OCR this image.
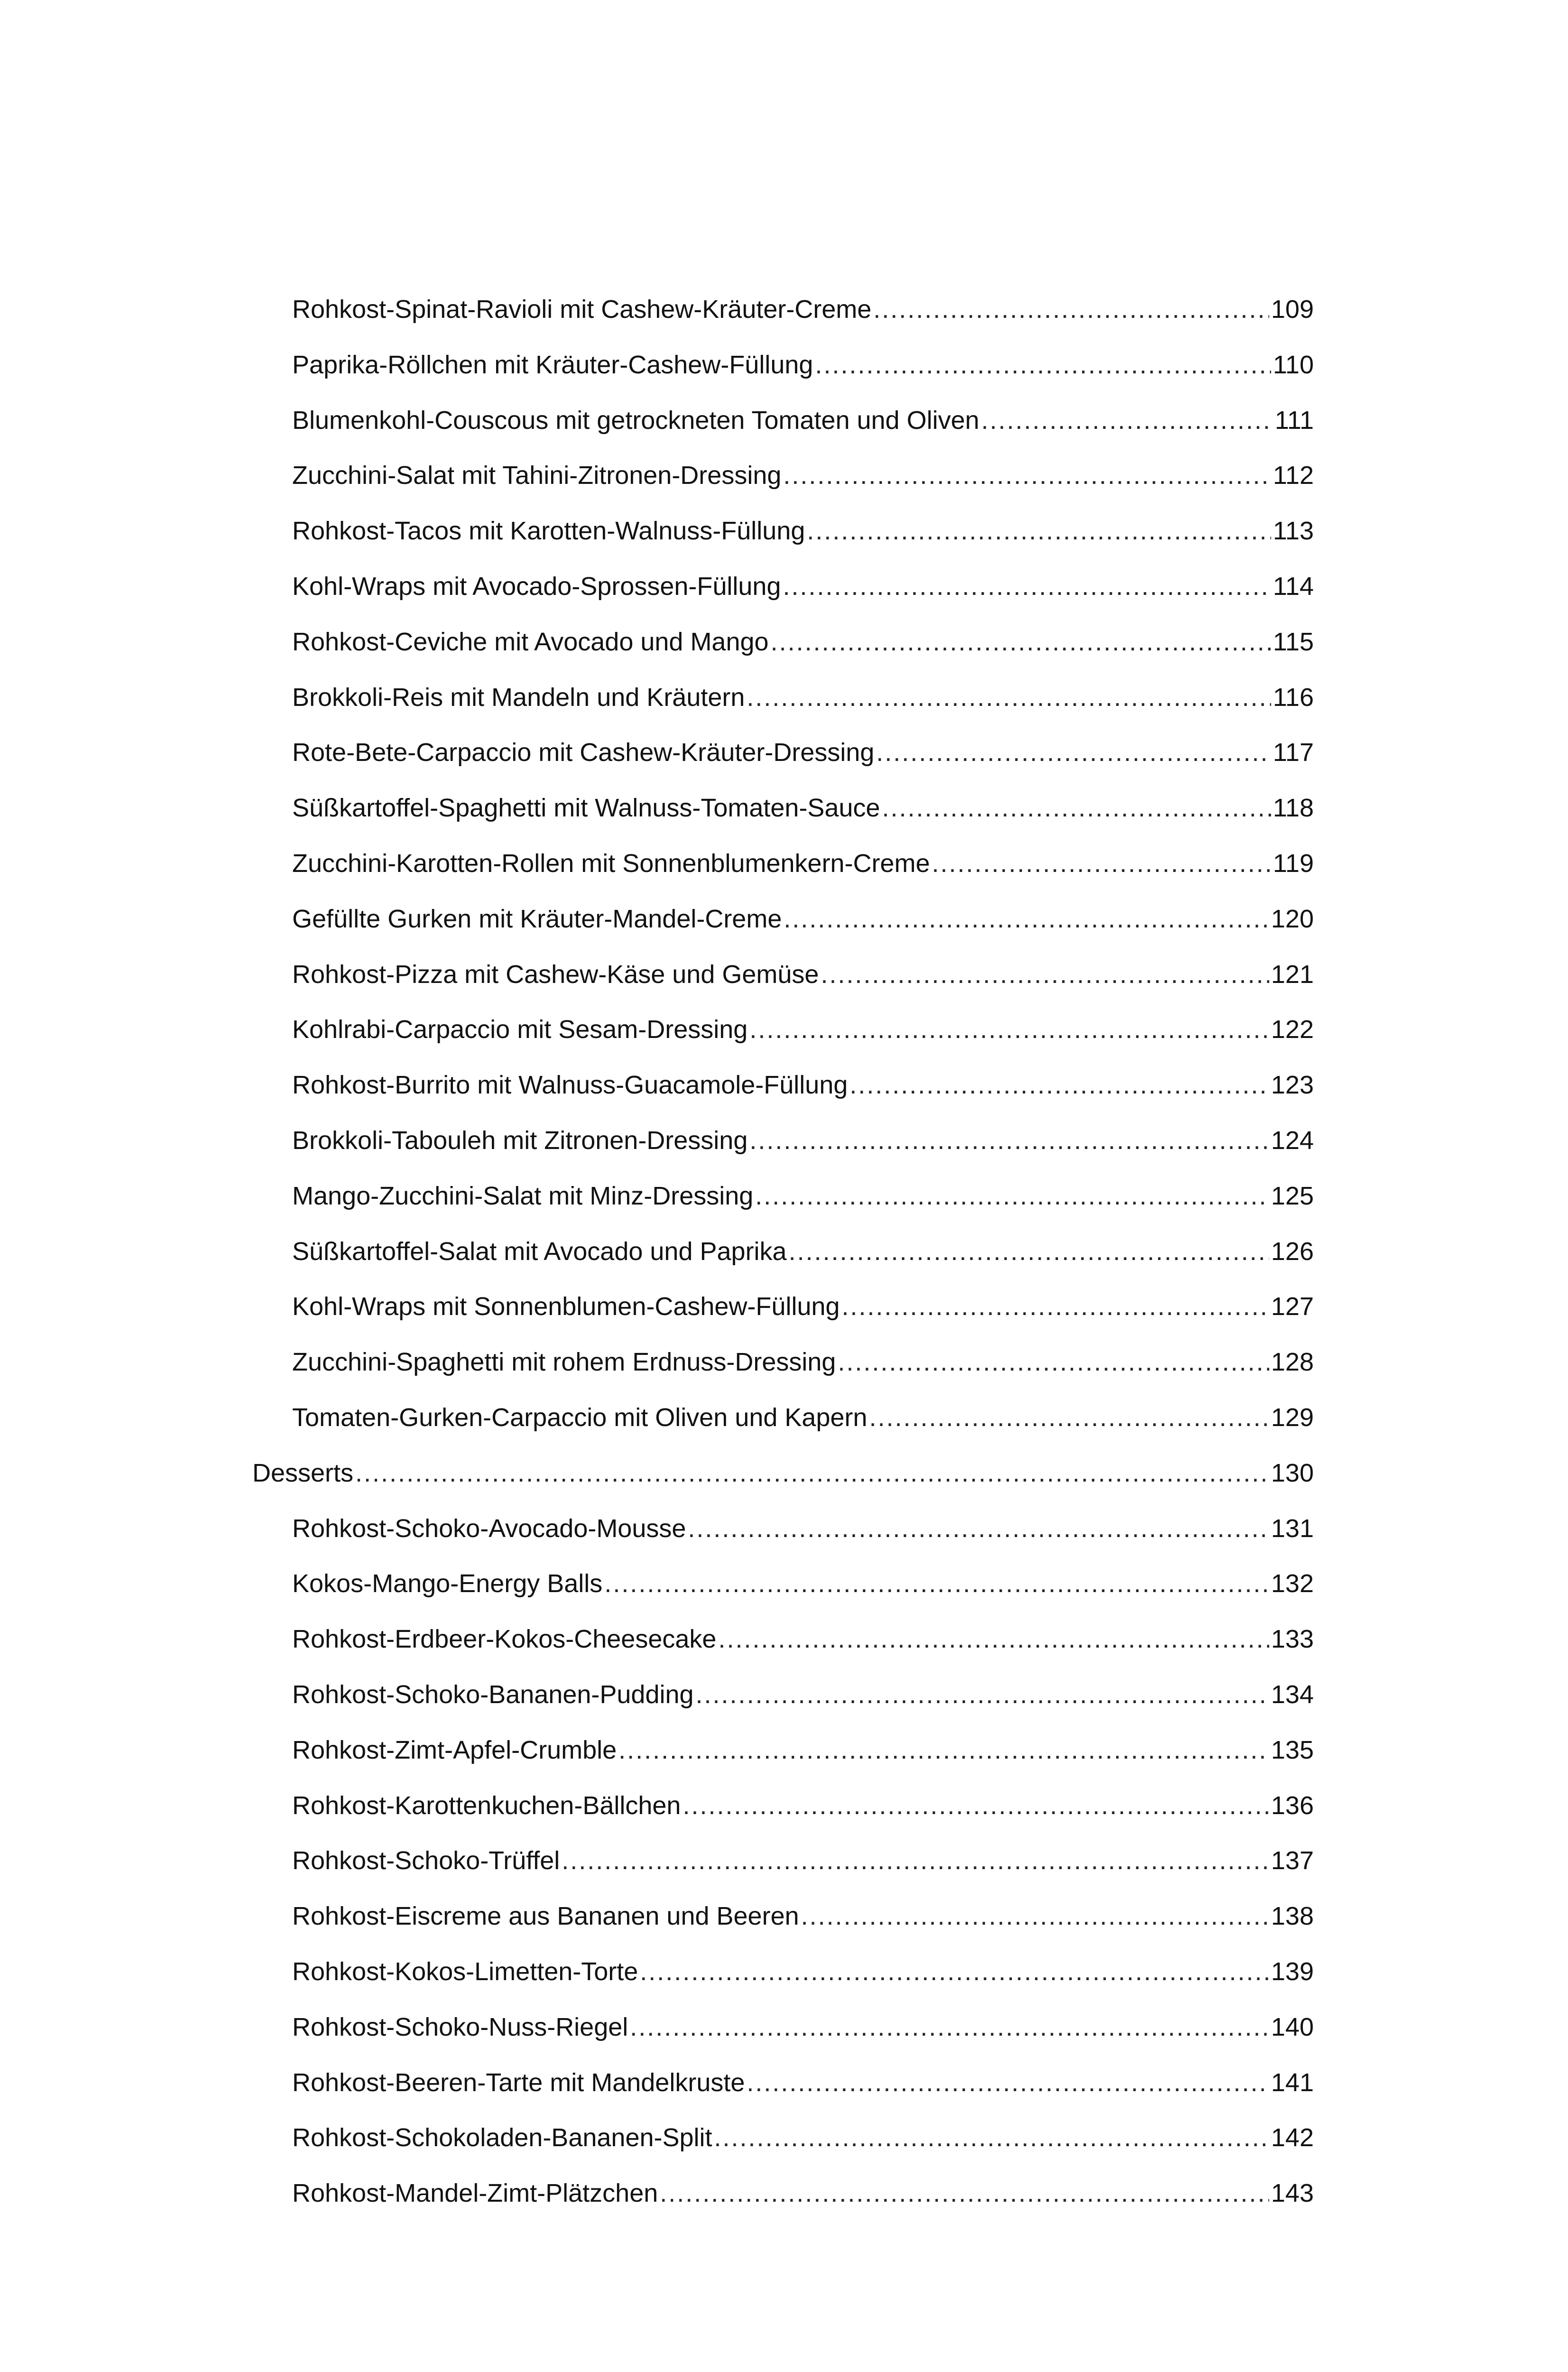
Rohkost-Spinat-Ravioli mit Cashew-Kräuter-Creme .....	109
Paprika-Röllchen mit Kräuter-Cashew-Füllung .....	110
Blumenkohl-Couscous mit getrockneten Tomaten und Oliven .....	111
Zucchini-Salat mit Tahini-Zitronen-Dressing .....	112
Rohkost-Tacos mit Karotten-Walnuss-Füllung .....	113
Kohl-Wraps mit Avocado-Sprossen-Füllung .....	114
Rohkost-Ceviche mit Avocado und Mango .....	115
Brokkoli-Reis mit Mandeln und Kräutern .....	116
Rote-Bete-Carpaccio mit Cashew-Kräuter-Dressing .....	117
Süßkartoffel-Spaghetti mit Walnuss-Tomaten-Sauce .....	118
Zucchini-Karotten-Rollen mit Sonnenblumenkern-Creme .....	119
Gefüllte Gurken mit Kräuter-Mandel-Creme .....	120
Rohkost-Pizza mit Cashew-Käse und Gemüse .....	121
Kohlrabi-Carpaccio mit Sesam-Dressing .....	122
Rohkost-Burrito mit Walnuss-Guacamole-Füllung .....	123
Brokkoli-Tabouleh mit Zitronen-Dressing .....	124
Mango-Zucchini-Salat mit Minz-Dressing .....	125
Süßkartoffel-Salat mit Avocado und Paprika .....	126
Kohl-Wraps mit Sonnenblumen-Cashew-Füllung .....	127
Zucchini-Spaghetti mit rohem Erdnuss-Dressing .....	128
Tomaten-Gurken-Carpaccio mit Oliven und Kapern .....	129
Desserts .....	130
Rohkost-Schoko-Avocado-Mousse .....	131
Kokos-Mango-Energy Balls .....	132
Rohkost-Erdbeer-Kokos-Cheesecake .....	133
Rohkost-Schoko-Bananen-Pudding .....	134
Rohkost-Zimt-Apfel-Crumble .....	135
Rohkost-Karottenkuchen-Bällchen .....	136
Rohkost-Schoko-Trüffel .....	137
Rohkost-Eiscreme aus Bananen und Beeren .....	138
Rohkost-Kokos-Limetten-Torte .....	139
Rohkost-Schoko-Nuss-Riegel .....	140
Rohkost-Beeren-Tarte mit Mandelkruste .....	141
Rohkost-Schokoladen-Bananen-Split .....	142
Rohkost-Mandel-Zimt-Plätzchen .....	143
